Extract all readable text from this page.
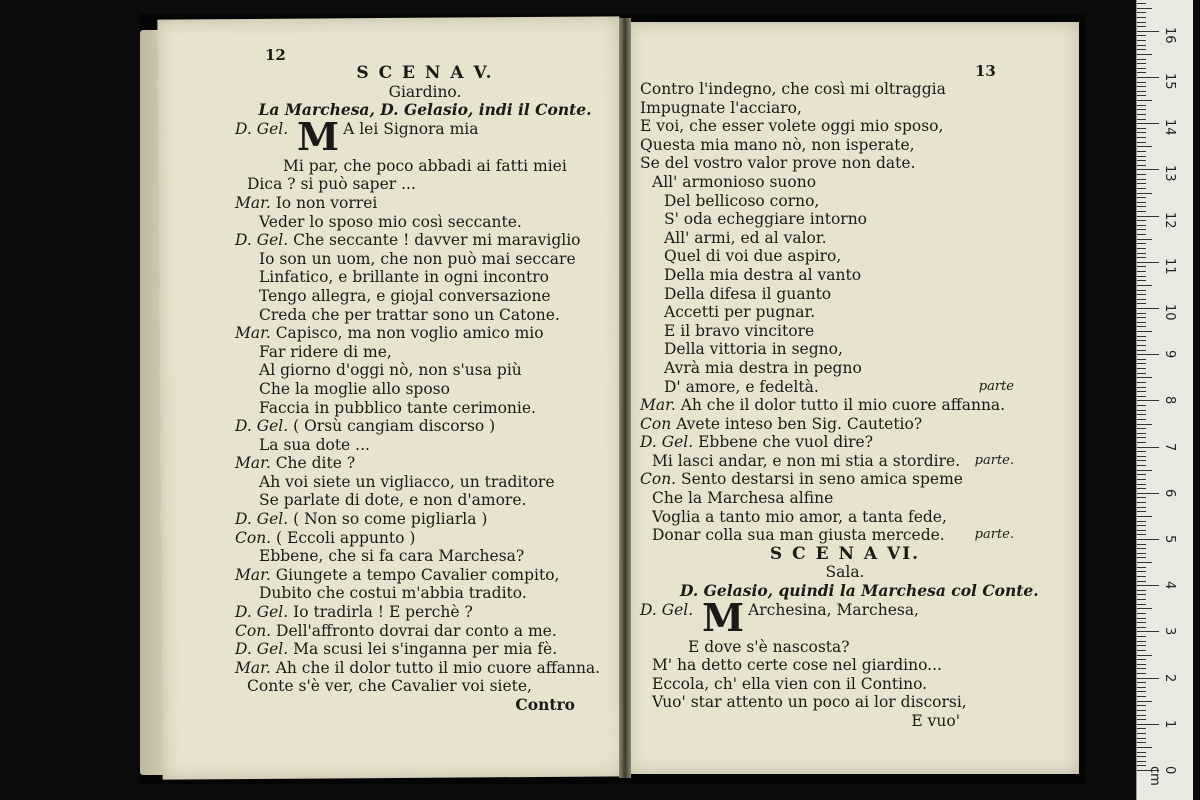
12
S C E N A V.
Giardino.
La Marchesa, D. Gelasio, indi il Conte.
D. Gel. M A lei Signora mia
Mi par, che poco abbadi ai fatti miei
Dica ? si può saper ...
Mar. Io non vorrei
Veder lo sposo mio così seccante.
D. Gel. Che seccante ! davver mi maraviglio
Io son un uom, che non può mai seccare
Linfatico, e brillante in ogni incontro
Tengo allegra, e giojal conversazione
Creda che per trattar sono un Catone.
Mar. Capisco, ma non voglio amico mio
Far ridere di me,
Al giorno d'oggi nò, non s'usa più
Che la moglie allo sposo
Faccia in pubblico tante cerimonie.
D. Gel. ( Orsù cangiam discorso )
La sua dote ...
Mar. Che dite ?
Ah voi siete un vigliacco, un traditore
Se parlate di dote, e non d'amore.
D. Gel. ( Non so come pigliarla )
Con. ( Eccoli appunto )
Ebbene, che si fa cara Marchesa?
Mar. Giungete a tempo Cavalier compito,
Dubito che costui m'abbia tradito.
D. Gel. Io tradirla ! E perchè ?
Con. Dell'affronto dovrai dar conto a me.
D. Gel. Ma scusi lei s'inganna per mia fè.
Mar. Ah che il dolor tutto il mio cuore affanna.
Conte s'è ver, che Cavalier voi siete,
Contro
13
Contro l'indegno, che così mi oltraggia
Impugnate l'acciaro,
E voi, che esser volete oggi mio sposo,
Questa mia mano nò, non isperate,
Se del vostro valor prove non date.
All' armonioso suono
Del bellicoso corno,
S' oda echeggiare intorno
All' armi, ed al valor.
Quel di voi due aspiro,
Della mia destra al vanto
Della difesa il guanto
Accetti per pugnar.
E il bravo vincitore
Della vittoria in segno,
Avrà mia destra in pegno
D' amore, e fedeltà.	parte
Mar. Ah che il dolor tutto il mio cuore affanna.
Con Avete inteso ben Sig. Cautetio?
D. Gel. Ebbene che vuol dire?
Mi lasci andar, e non mi stia a stordire. parte.
Con. Sento destarsi in seno amica speme
Che la Marchesa alfine
Voglia a tanto mio amor, a tanta fede,
Donar colla sua man giusta mercede. parte.
S C E N A VI.
Sala.
D. Gelasio, quindi la Marchesa col Conte.
D. Gel. M Archesina, Marchesa,
E dove s'è nascosta?
M' ha detto certe cose nel giardino...
Eccola, ch' ella vien con il Contino.
Vuo' star attento un poco ai lor discorsi,
E vuo'
0 cm
1
2
3
4
5
6
7
8
9
10
11
12
13
14
15
16
